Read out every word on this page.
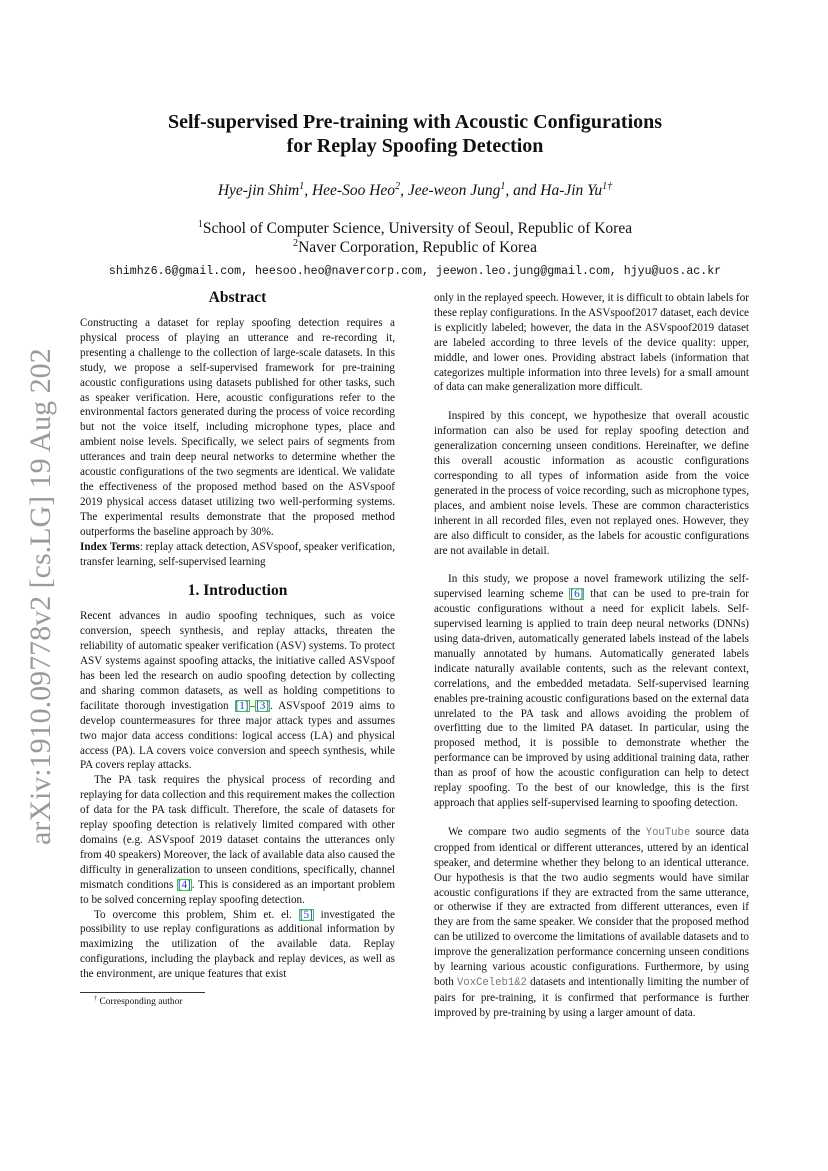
arXiv:1910.09778v2 [cs.LG] 19 Aug 2020
Self-supervised Pre-training with Acoustic Configurations
for Replay Spoofing Detection
Hye-jin Shim$^1$, Hee-Soo Heo$^2$, Jee-weon Jung$^1$, and Ha-Jin $Yu^{1\dagger}$
$^1$School of Computer Science, University of Seoul, Republic of Korea
$^2$Naver Corporation, Republic of Korea
shimhz6.6@gmail.com, heesoo.heo@navercorp.com, jeewon.leo.jung@gmail.com, hjyu@uos.ac.kr
Abstract

Constructing a dataset for replay spoofing detection requires a physical process of playing an utterance and re-recording it, presenting a challenge to the collection of large-scale datasets. In this study, we propose a self-supervised framework for pre-training acoustic configurations using datasets published for other tasks, such as speaker verification. Here, acoustic configurations refer to the environmental factors generated during the process of voice recording but not the voice itself, including microphone types, place and ambient noise levels. Specifically, we select pairs of segments from utterances and train deep neural networks to determine whether the acoustic configurations of the two segments are identical. We validate the effectiveness of the proposed method based on the ASVspoof 2019 physical access dataset utilizing two well-performing systems. The experimental results demonstrate that the proposed method outperforms the baseline approach by 30%.

Index Terms: replay attack detection, ASVspoof, speaker verification, transfer learning, self-supervised learning

1. Introduction

Recent advances in audio spoofing techniques, such as voice conversion, speech synthesis, and replay attacks, threaten the reliability of automatic speaker verification (ASV) systems. To protect ASV systems against spoofing attacks, the initiative called ASVspoof has been led the research on audio spoofing detection by collecting and sharing common datasets, as well as holding competitions to facilitate thorough investigation [1]–[3]. ASVspoof 2019 aims to develop countermeasures for three major attack types and assumes two major data access conditions: logical access (LA) and physical access (PA). LA covers voice conversion and speech synthesis, while PA covers replay attacks.

The PA task requires the physical process of recording and replaying for data collection and this requirement makes the collection of data for the PA task difficult. Therefore, the scale of datasets for replay spoofing detection is relatively limited compared with other domains (e.g. ASVspoof 2019 dataset contains the utterances only from 40 speakers) Moreover, the lack of available data also caused the difficulty in generalization to unseen conditions, specifically, channel mismatch conditions [4]. This is considered as an important problem to be solved concerning replay spoofing detection.

To overcome this problem, Shim et. el. [5] investigated the possibility to use replay configurations as additional information by maximizing the utilization of the available data. Replay configurations, including the playback and replay devices, as well as the environment, are unique features that exist

† Corresponding author

only in the replayed speech. However, it is difficult to obtain labels for these replay configurations. In the ASVspoof2017 dataset, each device is explicitly labeled; however, the data in the ASVspoof2019 dataset are labeled according to three levels of the device quality: upper, middle, and lower ones. Providing abstract labels (information that categorizes multiple information into three levels) for a small amount of data can make generalization more difficult.

Inspired by this concept, we hypothesize that overall acoustic information can also be used for replay spoofing detection and generalization concerning unseen conditions. Hereinafter, we define this overall acoustic information as acoustic configurations corresponding to all types of information aside from the voice generated in the process of voice recording, such as microphone types, places, and ambient noise levels. These are common characteristics inherent in all recorded files, even not replayed ones. However, they are also difficult to consider, as the labels for acoustic configurations are not available in detail.

In this study, we propose a novel framework utilizing the self-supervised learning scheme [6] that can be used to pre-train for acoustic configurations without a need for explicit labels. Self-supervised learning is applied to train deep neural networks (DNNs) using data-driven, automatically generated labels instead of the labels manually annotated by humans. Automatically generated labels indicate naturally available contents, such as the relevant context, correlations, and the embedded metadata. Self-supervised learning enables pre-training acoustic configurations based on the external data unrelated to the PA task and allows avoiding the problem of overfitting due to the limited PA dataset. In particular, using the proposed method, it is possible to demonstrate whether the performance can be improved by using additional training data, rather than as proof of how the acoustic configuration can help to detect replay spoofing. To the best of our knowledge, this is the first approach that applies self-supervised learning to spoofing detection.

We compare two audio segments of the YouTube source data cropped from identical or different utterances, uttered by an identical speaker, and determine whether they belong to an identical utterance. Our hypothesis is that the two audio segments would have similar acoustic configurations if they are extracted from the same utterance, or otherwise if they are extracted from different utterances, even if they are from the same speaker. We consider that the proposed method can be utilized to overcome the limitations of available datasets and to improve the generalization performance concerning unseen conditions by learning various acoustic configurations. Furthermore, by using both VoxCeleb1&2 datasets and intentionally limiting the number of pairs for pre-training, it is confirmed that performance is further improved by pre-training by using a larger amount of data.
